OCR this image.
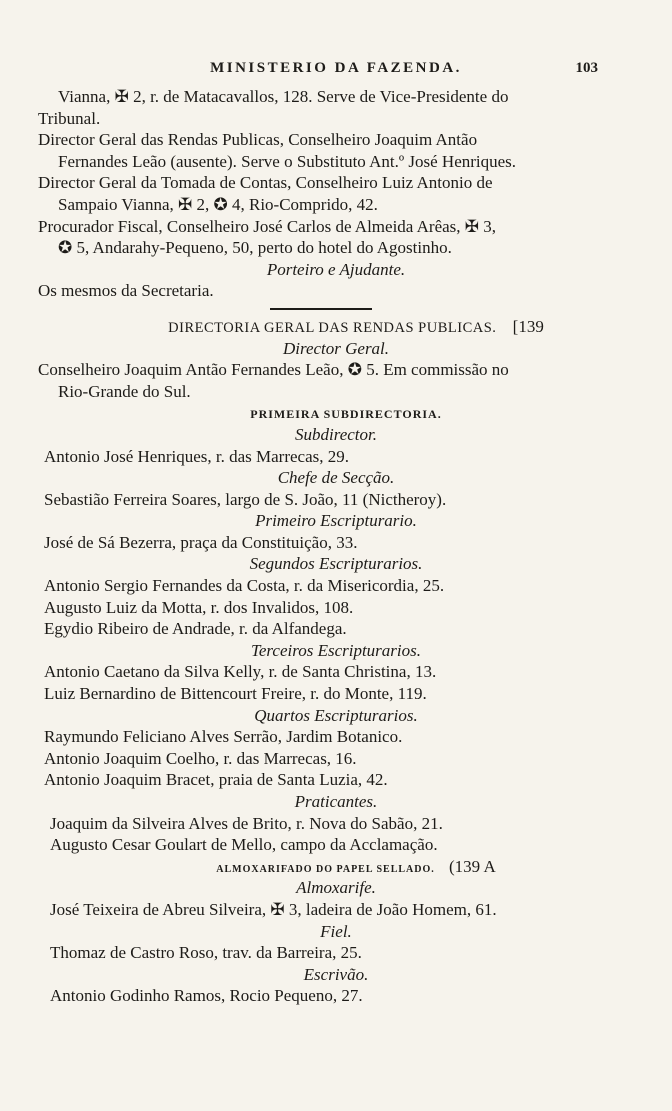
MINISTERIO DA FAZENDA.	103
Vianna, ✠ 2, r. de Matacavallos, 128. Serve de Vice-Presidente do
Tribunal.
Director Geral das Rendas Publicas, Conselheiro Joaquim Antão
Fernandes Leão (ausente). Serve o Substituto Ant.º José Henriques.
Director Geral da Tomada de Contas, Conselheiro Luiz Antonio de
Sampaio Vianna, ✠ 2, ✪ 4, Rio-Comprido, 42.
Procurador Fiscal, Conselheiro José Carlos de Almeida Arêas, ✠ 3,
✪ 5, Andarahy-Pequeno, 50, perto do hotel do Agostinho.
Porteiro e Ajudante.
Os mesmos da Secretaria.
DIRECTORIA GERAL DAS RENDAS PUBLICAS. [139
Director Geral.
Conselheiro Joaquim Antão Fernandes Leão, ✪ 5. Em commissão no
Rio-Grande do Sul.
PRIMEIRA SUBDIRECTORIA.
Subdirector.
Antonio José Henriques, r. das Marrecas, 29.
Chefe de Secção.
Sebastião Ferreira Soares, largo de S. João, 11 (Nictheroy).
Primeiro Escripturario.
José de Sá Bezerra, praça da Constituição, 33.
Segundos Escripturarios.
Antonio Sergio Fernandes da Costa, r. da Misericordia, 25.
Augusto Luiz da Motta, r. dos Invalidos, 108.
Egydio Ribeiro de Andrade, r. da Alfandega.
Terceiros Escripturarios.
Antonio Caetano da Silva Kelly, r. de Santa Christina, 13.
Luiz Bernardino de Bittencourt Freire, r. do Monte, 119.
Quartos Escripturarios.
Raymundo Feliciano Alves Serrão, Jardim Botanico.
Antonio Joaquim Coelho, r. das Marrecas, 16.
Antonio Joaquim Bracet, praia de Santa Luzia, 42.
Praticantes.
Joaquim da Silveira Alves de Brito, r. Nova do Sabão, 21.
Augusto Cesar Goulart de Mello, campo da Acclamação.
ALMOXARIFADO DO PAPEL SELLADO. (139 A
Almoxarife.
José Teixeira de Abreu Silveira, ✠ 3, ladeira de João Homem, 61.
Fiel.
Thomaz de Castro Roso, trav. da Barreira, 25.
Escrivão.
Antonio Godinho Ramos, Rocio Pequeno, 27.
